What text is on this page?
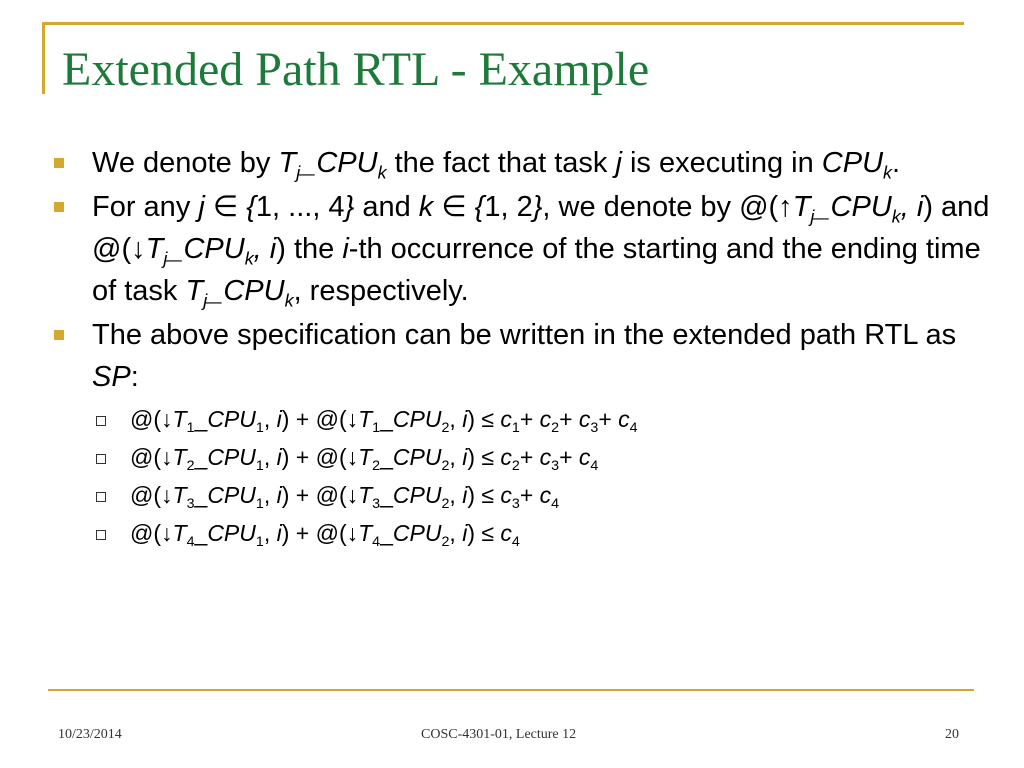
Extended Path RTL - Example
We denote by $T_j\_CPU_k$ the fact that task j is executing in $CPU_k$.
For any j ∈ {1, ..., 4} and k ∈ {1, 2}, we denote by $@(↑T_j\_CPU_k$, i) and $@(↓T_j\_CPU_k$, i) the i-th occurrence of the starting and the ending time of task $T_j\_CPU_k$, respectively.
The above specification can be written in the extended path RTL as SP:
$@(↓T_1\_CPU_1$, $i) + @(↓T_1\_CPU_2$, $i) \le c_1+ c_2+ c_3+ c_4$
$@(↓T_2\_CPU_1$, $i) + @(↓T_2\_CPU_2$, $i) \le c_2+ c_3+ c_4$
$@(↓T_3\_CPU_1$, $i) + @(↓T_3\_CPU_2$, $i) \le c_3+ c_4$
$@(↓T_4\_CPU_1$, $i) + @(↓T_4\_CPU_2$, $i) \le c_4$
10/23/2014	COSC-4301-01, Lecture 12	20
